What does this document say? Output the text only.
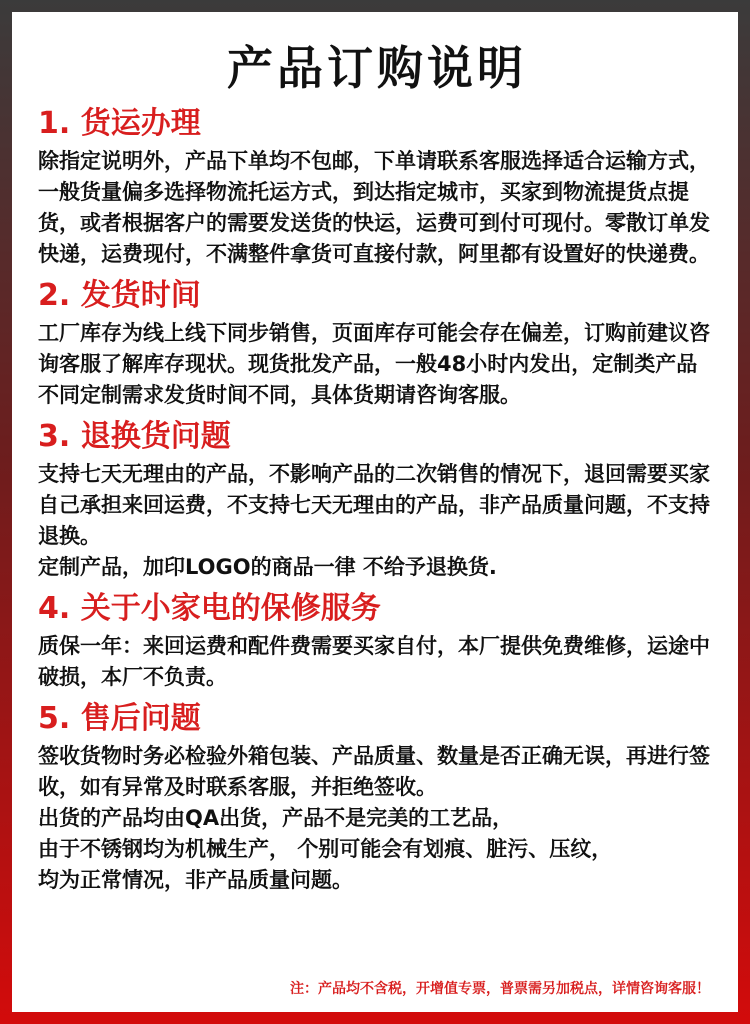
产品订购说明
1. 货运办理

除指定说明外，产品下单均不包邮，下单请联系客服选择适合运输方式，一般货量偏多选择物流托运方式，到达指定城市，买家到物流提货点提货，或者根据客户的需要发送货的快运，运费可到付可现付。零散订单发快递，运费现付，不满整件拿货可直接付款，阿里都有设置好的快递费。

2. 发货时间

工厂库存为线上线下同步销售，页面库存可能会存在偏差，订购前建议咨询客服了解库存现状。现货批发产品，一般48小时内发出，定制类产品不同定制需求发货时间不同，具体货期请咨询客服。

3. 退换货问题

支持七天无理由的产品，不影响产品的二次销售的情况下，退回需要买家自己承担来回运费，不支持七天无理由的产品，非产品质量问题，不支持退换。
定制产品，加印LOGO的商品一律 不给予退换货.

4. 关于小家电的保修服务

质保一年：来回运费和配件费需要买家自付，本厂提供免费维修，运途中破损，本厂不负责。

5. 售后问题

签收货物时务必检验外箱包装、产品质量、数量是否正确无误，再进行签收，如有异常及时联系客服，并拒绝签收。
出货的产品均由QA出货，产品不是完美的工艺品，
由于不锈钢均为机械生产， 个别可能会有划痕、脏污、压纹，
均为正常情况，非产品质量问题。

注：产品均不含税，开增值专票，普票需另加税点，详情咨询客服！
